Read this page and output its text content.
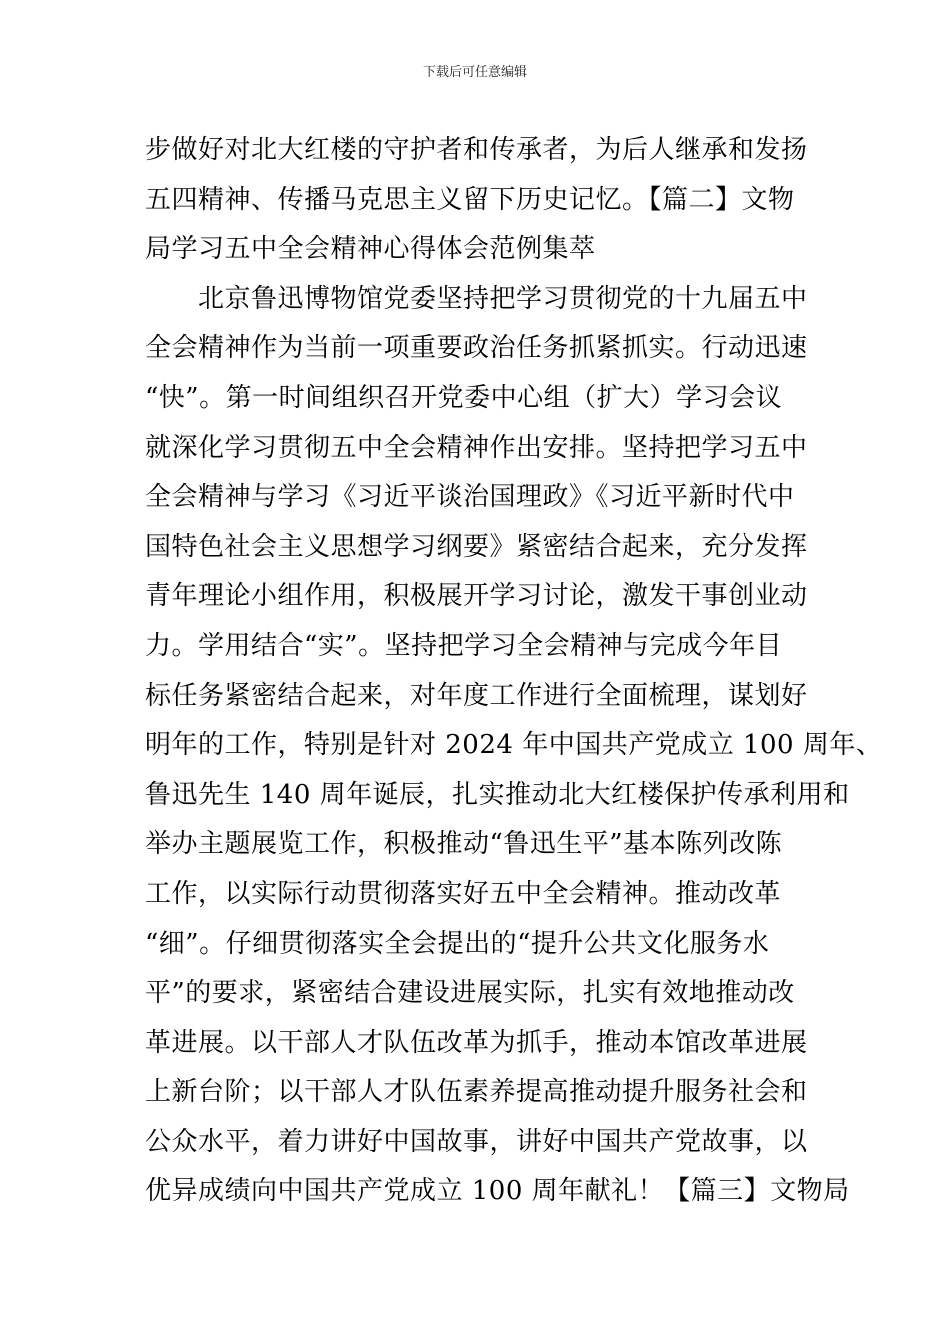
下载后可任意编辑
步做好对北大红楼的守护者和传承者，为后人继承和发扬
五四精神、传播马克思主义留下历史记忆。【篇二】文物
局学习五中全会精神心得体会范例集萃
　　北京鲁迅博物馆党委坚持把学习贯彻党的十九届五中
全会精神作为当前一项重要政治任务抓紧抓实。行动迅速
“快”。第一时间组织召开党委中心组（扩大）学习会议
就深化学习贯彻五中全会精神作出安排。坚持把学习五中
全会精神与学习《习近平谈治国理政》《习近平新时代中
国特色社会主义思想学习纲要》紧密结合起来，充分发挥
青年理论小组作用，积极展开学习讨论，激发干事创业动
力。学用结合“实”。坚持把学习全会精神与完成今年目
标任务紧密结合起来，对年度工作进行全面梳理，谋划好
明年的工作，特别是针对 2024 年中国共产党成立 100 周年、
鲁迅先生 140 周年诞辰，扎实推动北大红楼保护传承利用和
举办主题展览工作，积极推动“鲁迅生平”基本陈列改陈
工作，以实际行动贯彻落实好五中全会精神。推动改革
“细”。仔细贯彻落实全会提出的“提升公共文化服务水
平”的要求，紧密结合建设进展实际，扎实有效地推动改
革进展。以干部人才队伍改革为抓手，推动本馆改革进展
上新台阶；以干部人才队伍素养提高推动提升服务社会和
公众水平，着力讲好中国故事，讲好中国共产党故事，以
优异成绩向中国共产党成立 100 周年献礼！【篇三】文物局
